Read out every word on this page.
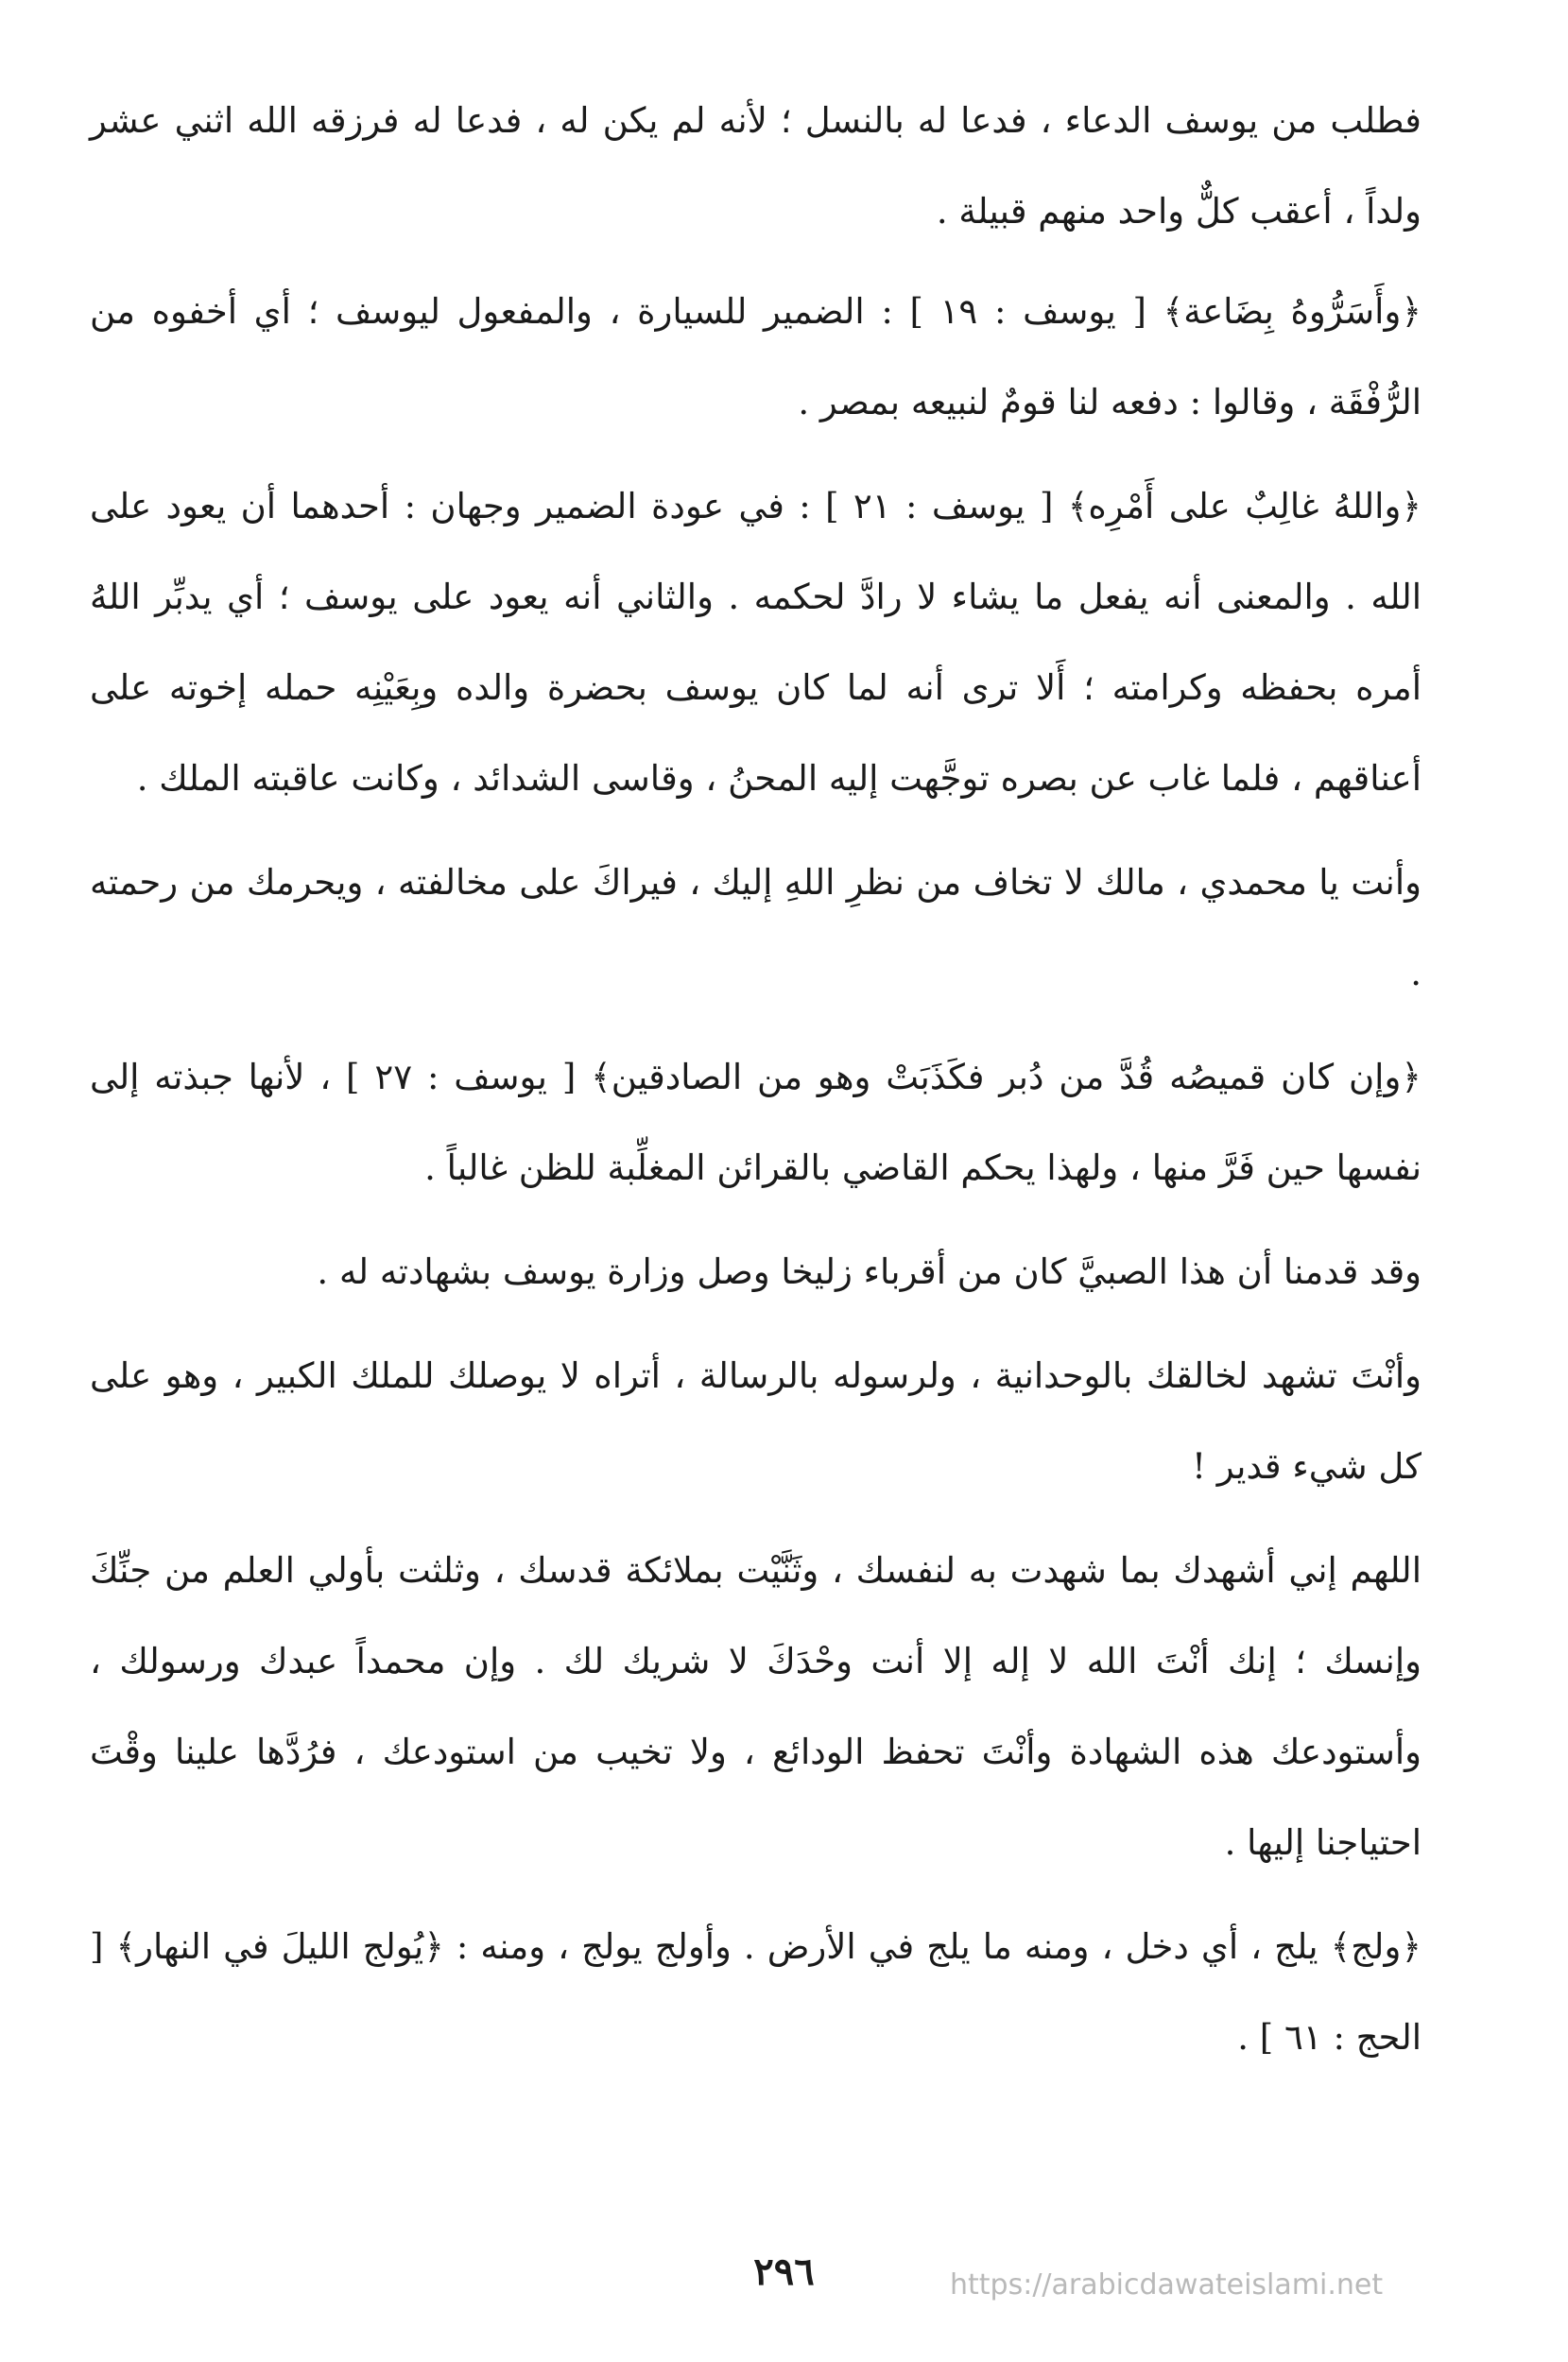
فطلب من يوسف الدعاء ، فدعا له بالنسل ؛ لأنه لم يكن له ، فدعا له فرزقه الله اثني عشر ولداً ، أعقب كلٌّ واحد منهم قبيلة .

﴿وأَسَرُّوهُ بِضَاعة﴾ [ يوسف : ١٩ ] : الضمير للسيارة ، والمفعول ليوسف ؛ أي أخفوه من الرُّفْقَة ، وقالوا : دفعه لنا قومٌ لنبيعه بمصر .

﴿واللهُ غالِبٌ على أَمْرِه﴾ [ يوسف : ٢١ ] : في عودة الضمير وجهان : أحدهما أن يعود على الله . والمعنى أنه يفعل ما يشاء لا رادَّ لحكمه . والثاني أنه يعود على يوسف ؛ أي يدبِّر اللهُ أمره بحفظه وكرامته ؛ أَلا ترى أنه لما كان يوسف بحضرة والده وبِعَيْنِه حمله إخوته على أعناقهم ، فلما غاب عن بصره توجَّهت إليه المحنُ ، وقاسى الشدائد ، وكانت عاقبته الملك .

وأنت يا محمدي ، مالك لا تخاف من نظرِ اللهِ إليك ، فيراكَ على مخالفته ، ويحرمك من رحمته .

﴿وإن كان قميصُه قُدَّ من دُبر فكَذَبَتْ وهو من الصادقين﴾ [ يوسف : ٢٧ ] ، لأنها جبذته إلى نفسها حين فَرَّ منها ، ولهذا يحكم القاضي بالقرائن المغلِّبة للظن غالباً .

وقد قدمنا أن هذا الصبيَّ كان من أقرباء زليخا وصل وزارة يوسف بشهادته له .

وأنْتَ تشهد لخالقك بالوحدانية ، ولرسوله بالرسالة ، أتراه لا يوصلك للملك الكبير ، وهو على كل شيء قدير !

اللهم إني أشهدك بما شهدت به لنفسك ، وثَنَّيْت بملائكة قدسك ، وثلثت بأولي العلم من جنِّكَ وإنسك ؛ إنك أنْتَ الله لا إله إلا أنت وحْدَكَ لا شريك لك . وإن محمداً عبدك ورسولك ، وأستودعك هذه الشهادة وأنْتَ تحفظ الودائع ، ولا تخيب من استودعك ، فرُدَّها علينا وقْتَ احتياجنا إليها .

﴿ولج﴾ يلج ، أي دخل ، ومنه ما يلج في الأرض . وأولج يولج ، ومنه : ﴿يُولج الليلَ في النهار﴾ [ الحج : ٦١ ] .

٢٩٦	https://arabicdawateislami.net
